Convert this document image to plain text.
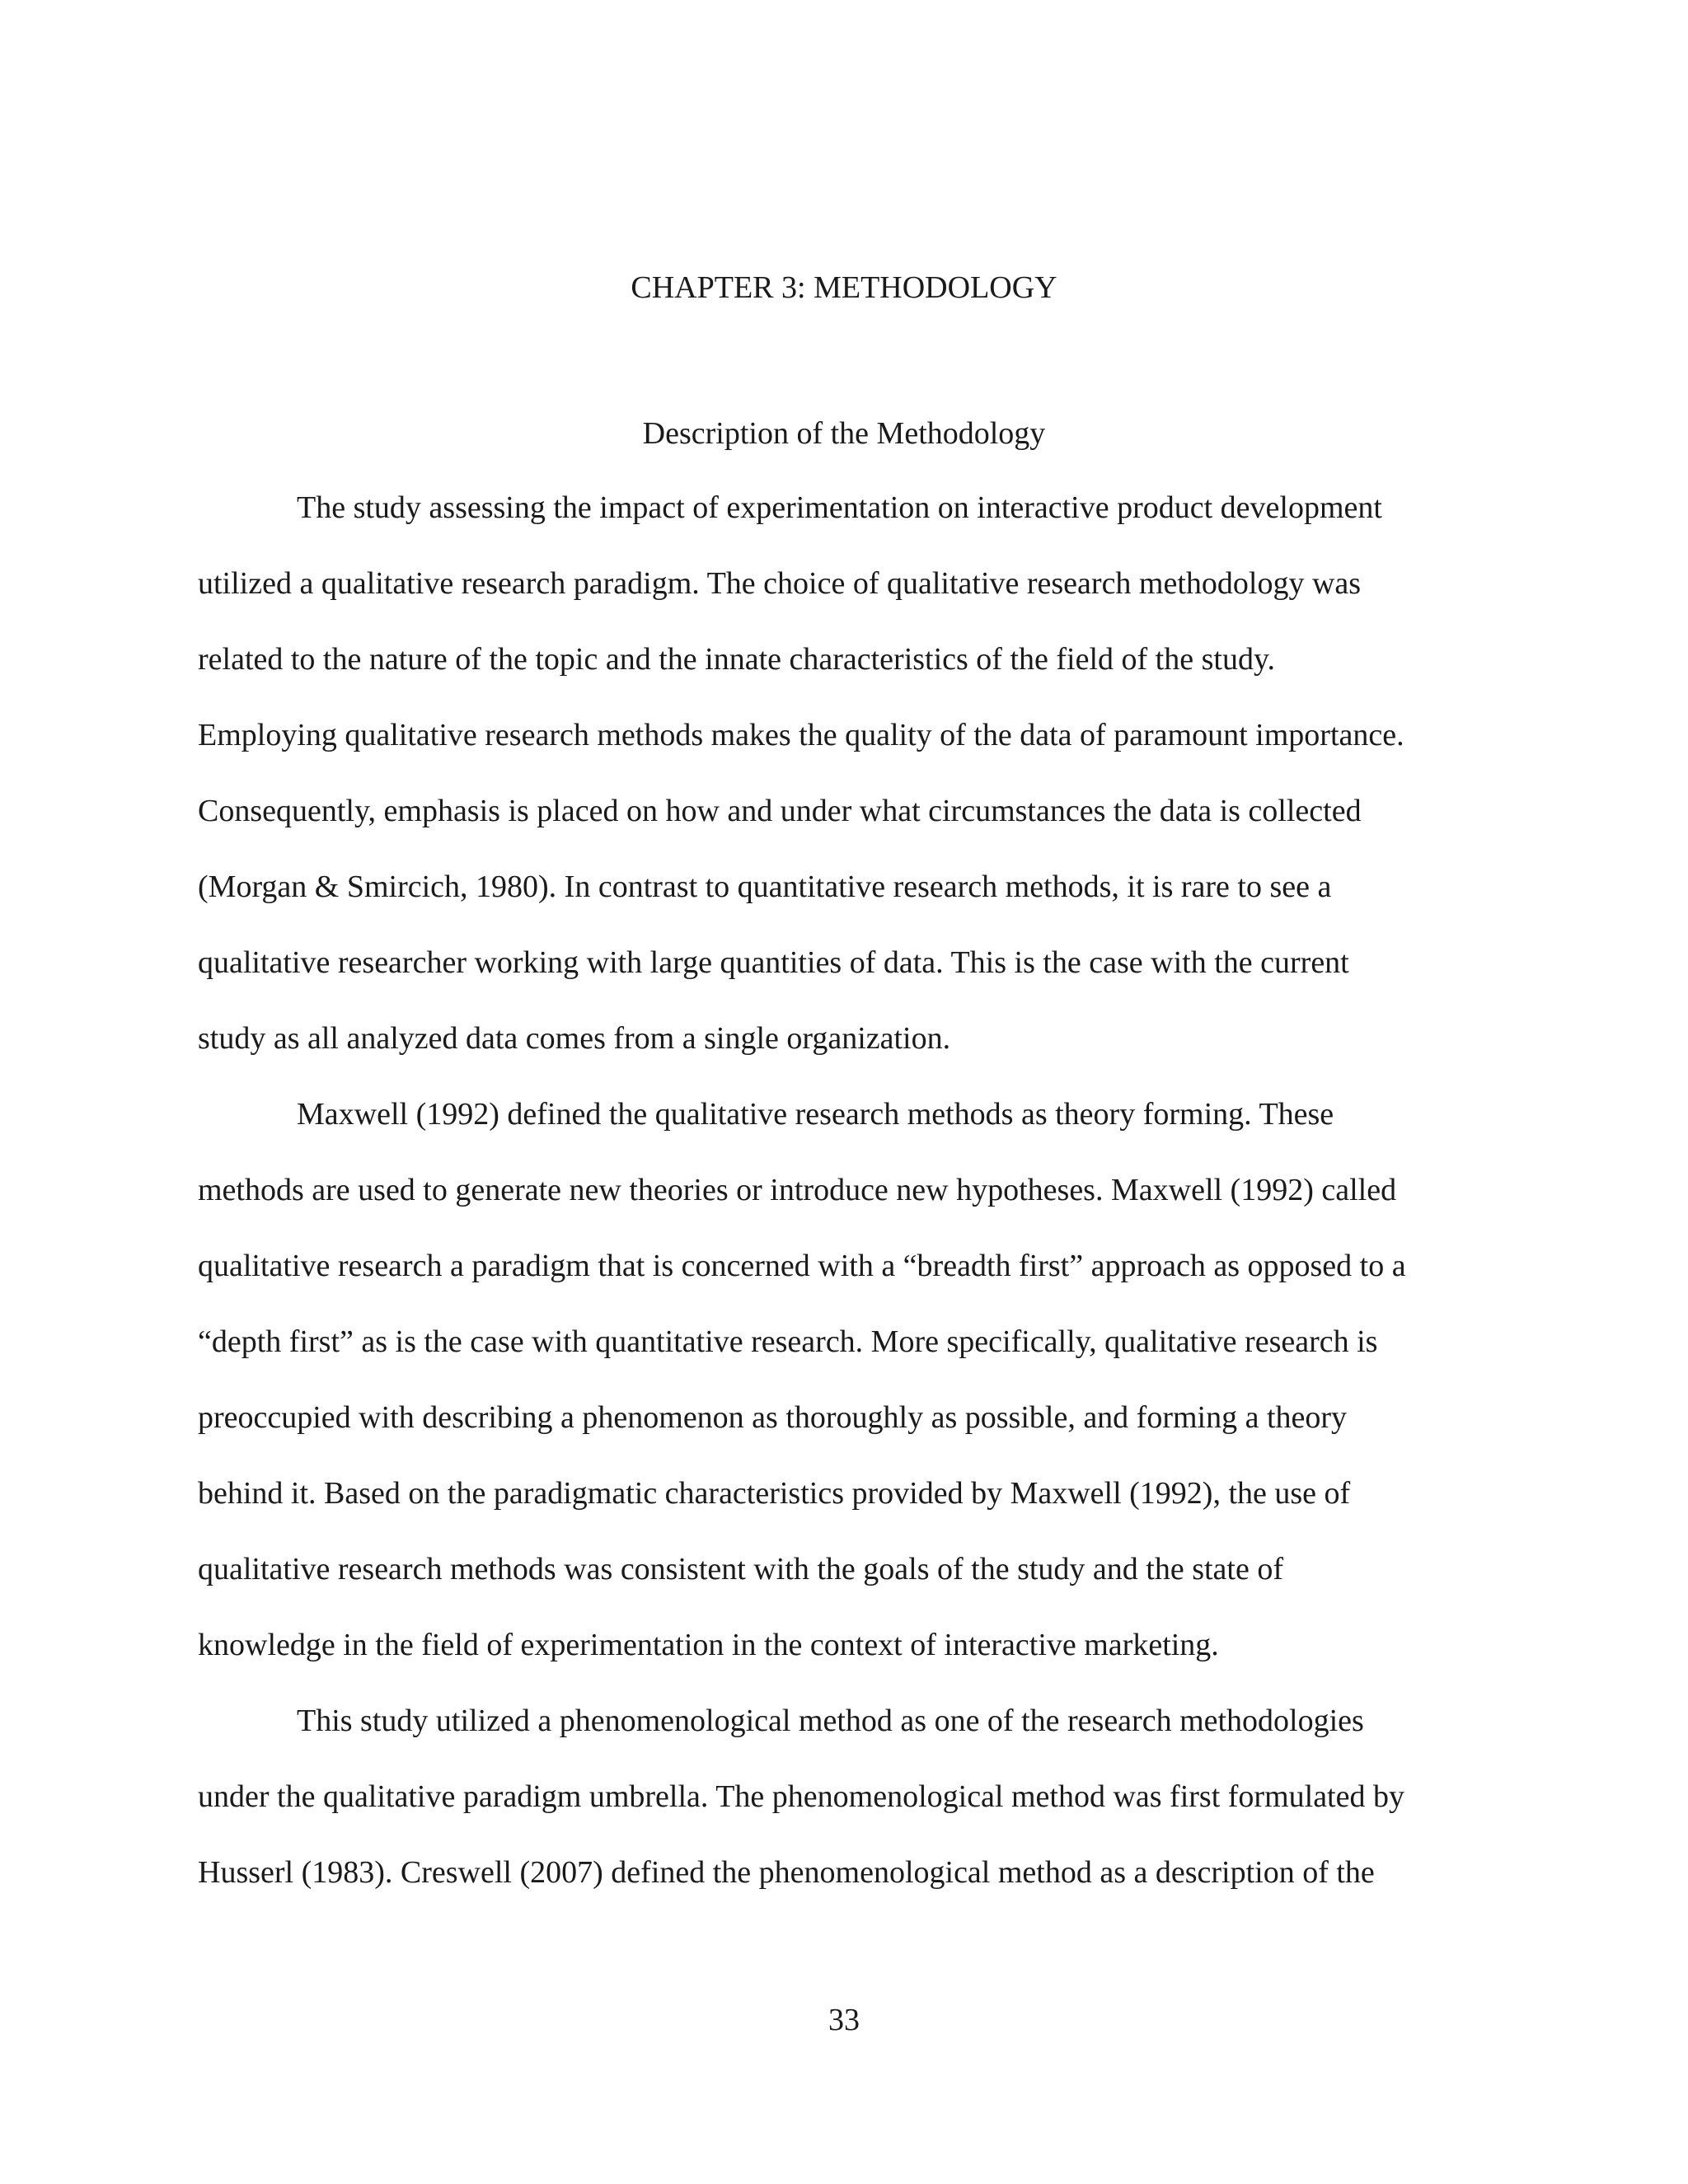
CHAPTER 3: METHODOLOGY
Description of the Methodology

The study assessing the impact of experimentation on interactive product development

utilized a qualitative research paradigm. The choice of qualitative research methodology was

related to the nature of the topic and the innate characteristics of the field of the study.

Employing qualitative research methods makes the quality of the data of paramount importance.

Consequently, emphasis is placed on how and under what circumstances the data is collected

(Morgan & Smircich, 1980). In contrast to quantitative research methods, it is rare to see a

qualitative researcher working with large quantities of data. This is the case with the current

study as all analyzed data comes from a single organization.

Maxwell (1992) defined the qualitative research methods as theory forming. These

methods are used to generate new theories or introduce new hypotheses. Maxwell (1992) called

qualitative research a paradigm that is concerned with a “breadth first” approach as opposed to a

“depth first” as is the case with quantitative research. More specifically, qualitative research is

preoccupied with describing a phenomenon as thoroughly as possible, and forming a theory

behind it. Based on the paradigmatic characteristics provided by Maxwell (1992), the use of

qualitative research methods was consistent with the goals of the study and the state of

knowledge in the field of experimentation in the context of interactive marketing.

This study utilized a phenomenological method as one of the research methodologies

under the qualitative paradigm umbrella. The phenomenological method was first formulated by

Husserl (1983). Creswell (2007) defined the phenomenological method as a description of the

33
